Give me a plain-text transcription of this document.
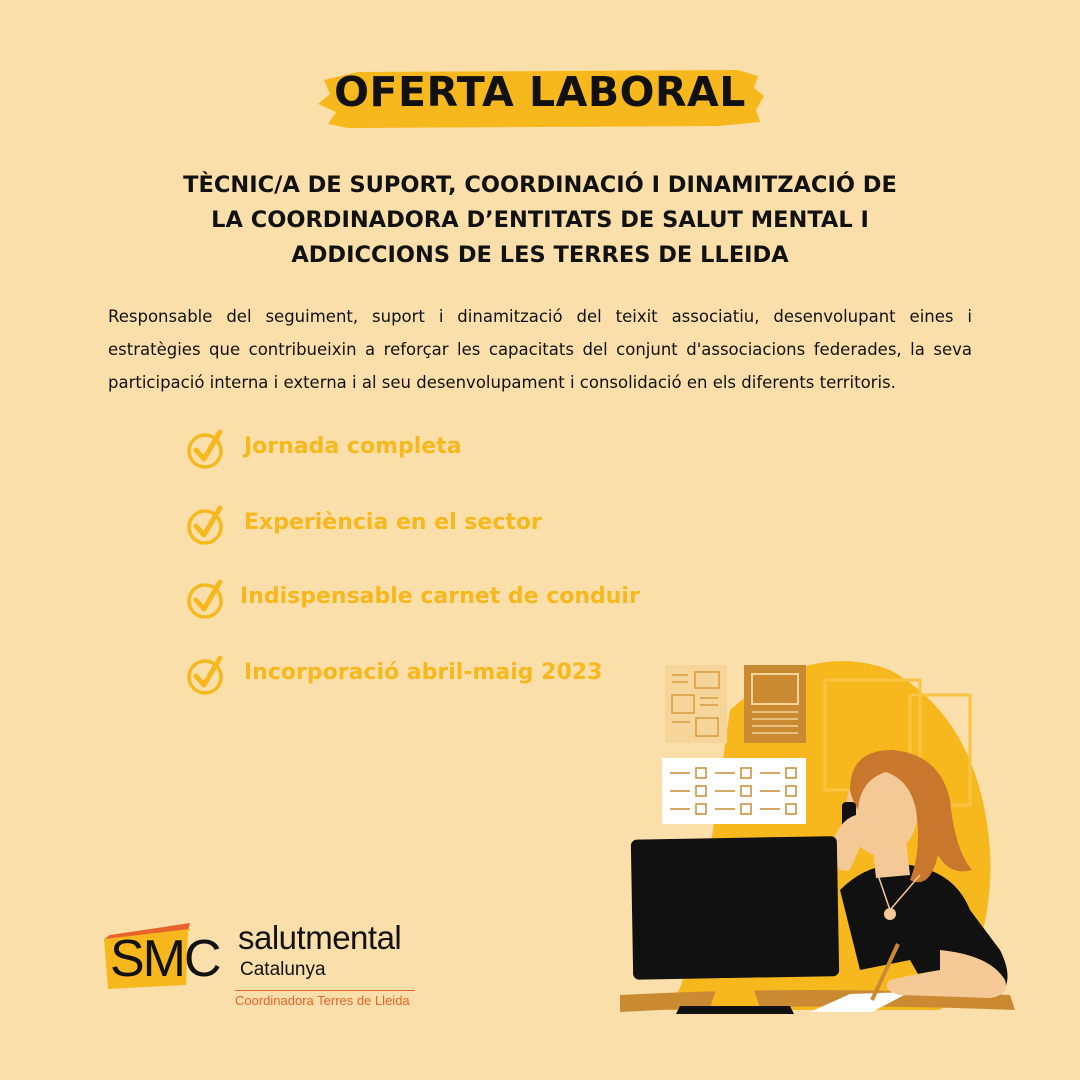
OFERTA LABORAL
TÈCNIC/A DE SUPORT, COORDINACIÓ I DINAMITZACIÓ DE
LA COORDINADORA D’ENTITATS DE SALUT MENTAL I
ADDICCIONS DE LES TERRES DE LLEIDA
Responsable del seguiment, suport i dinamització del teixit associatiu, desenvolupant eines i estratègies que contribueixin a reforçar les capacitats del conjunt d'associacions federades, la seva participació interna i externa i al seu desenvolupament i consolidació en els diferents territoris.
Jornada completa
Experiència en el sector
Indispensable carnet de conduir
Incorporació abril-maig 2023
SMC salutmental
Catalunya
Coordinadora Terres de Lleida
